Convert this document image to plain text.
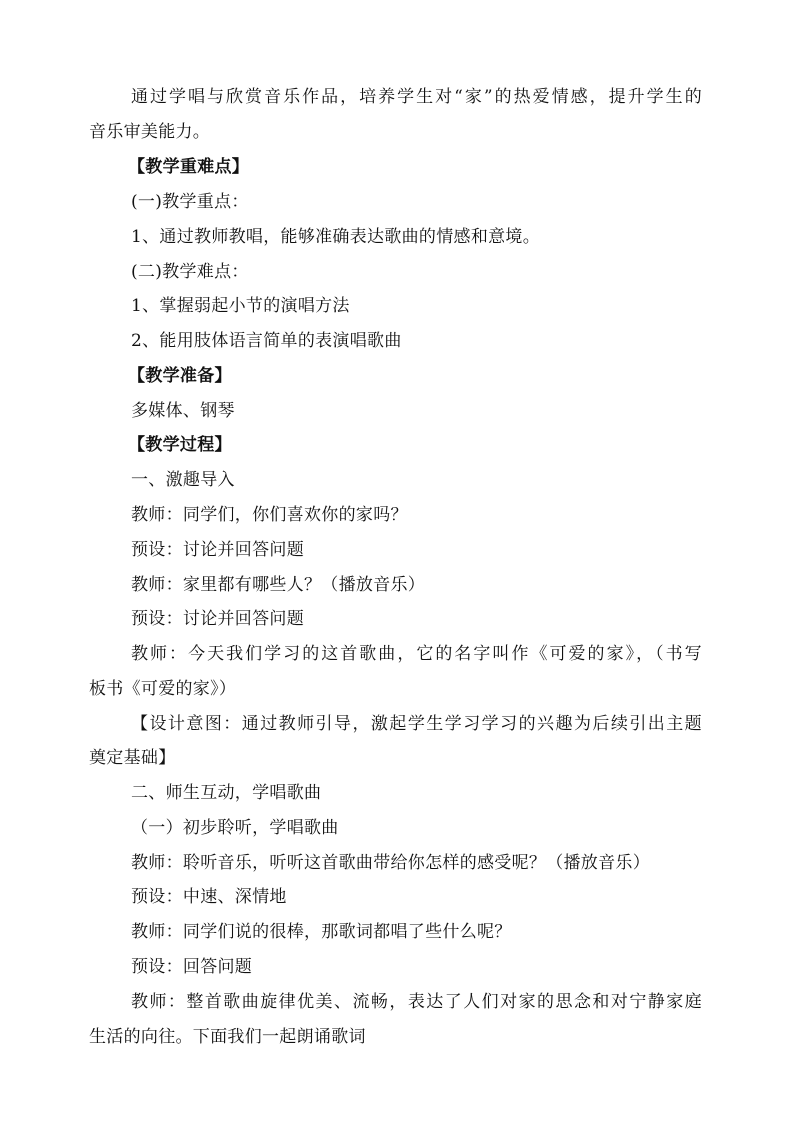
通过学唱与欣赏音乐作品，培养学生对“家”的热爱情感，提升学生的
音乐审美能力。
【教学重难点】
(一)教学重点：
1、通过教师教唱，能够准确表达歌曲的情感和意境。
(二)教学难点：
1、掌握弱起小节的演唱方法
2、能用肢体语言简单的表演唱歌曲
【教学准备】
多媒体、钢琴
【教学过程】
一、激趣导入
教师：同学们，你们喜欢你的家吗？
预设：讨论并回答问题
教师：家里都有哪些人？（播放音乐）
预设：讨论并回答问题
教师：今天我们学习的这首歌曲，它的名字叫作《可爱的家》，（书写
板书《可爱的家》）
【设计意图：通过教师引导，激起学生学习学习的兴趣为后续引出主题
奠定基础】
二、师生互动，学唱歌曲
（一）初步聆听，学唱歌曲
教师：聆听音乐，听听这首歌曲带给你怎样的感受呢？（播放音乐）
预设：中速、深情地
教师：同学们说的很棒，那歌词都唱了些什么呢？
预设：回答问题
教师：整首歌曲旋律优美、流畅，表达了人们对家的思念和对宁静家庭
生活的向往。下面我们一起朗诵歌词
